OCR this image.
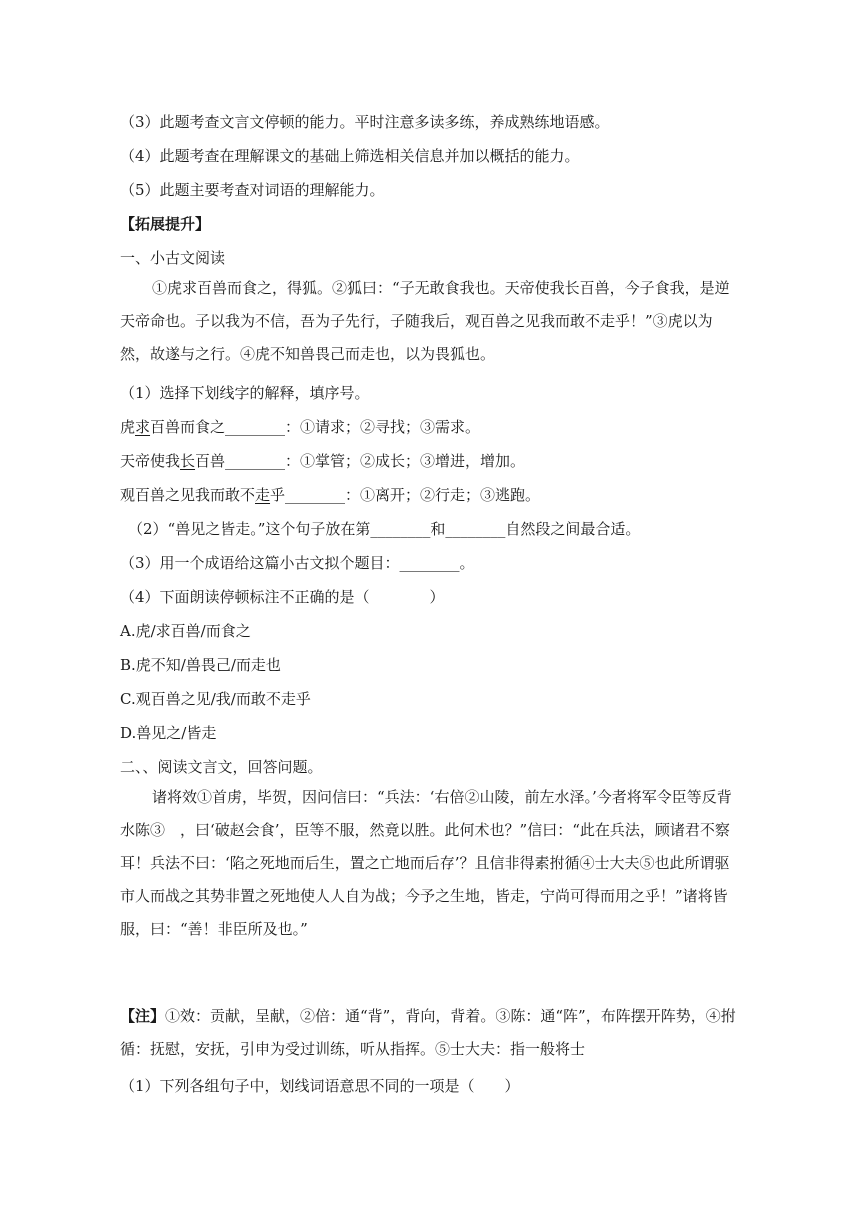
（3）此题考查文言文停顿的能力。平时注意多读多练，养成熟练地语感。
（4）此题考查在理解课文的基础上筛选相关信息并加以概括的能力。
（5）此题主要考查对词语的理解能力。
【拓展提升】
一、小古文阅读
①虎求百兽而食之，得狐。②狐曰：“子无敢食我也。天帝使我长百兽，今子食我，是逆天帝命也。子以我为不信，吾为子先行，子随我后，观百兽之见我而敢不走乎！”③虎以为然，故遂与之行。④虎不知兽畏己而走也，以为畏狐也。
（1）选择下划线字的解释，填序号。
虎求百兽而食之________：①请求；②寻找；③需求。
天帝使我长百兽________：①掌管；②成长；③增进，增加。
观百兽之见我而敢不走乎________：①离开；②行走；③逃跑。
（2）“兽见之皆走。”这个句子放在第________和________自然段之间最合适。
（3）用一个成语给这篇小古文拟个题目：________。
（4）下面朗读停顿标注不正确的是（　　　　）
A.虎/求百兽/而食之
B.虎不知/兽畏己/而走也
C.观百兽之见/我/而敢不走乎
D.兽见之/皆走
二、、阅读文言文，回答问题。
诸将效①首虏，毕贺，因问信曰：“兵法：‘右倍②山陵，前左水泽。’今者将军令臣等反背水陈③　，曰‘破赵会食’，臣等不服，然竟以胜。此何术也？”信曰：“此在兵法，顾诸君不察耳！兵法不曰：‘陷之死地而后生，置之亡地而后存’？且信非得素拊循④士大夫⑤也此所谓驱市人而战之其势非置之死地使人人自为战；今予之生地，皆走，宁尚可得而用之乎！”诸将皆服，曰：“善！非臣所及也。”
【注】①效：贡献，呈献，②倍：通“背”，背向，背着。③陈：通“阵”，布阵摆开阵势，④拊循：抚慰，安抚，引申为受过训练，听从指挥。⑤士大夫：指一般将士
（1）下列各组句子中，划线词语意思不同的一项是（　　）
